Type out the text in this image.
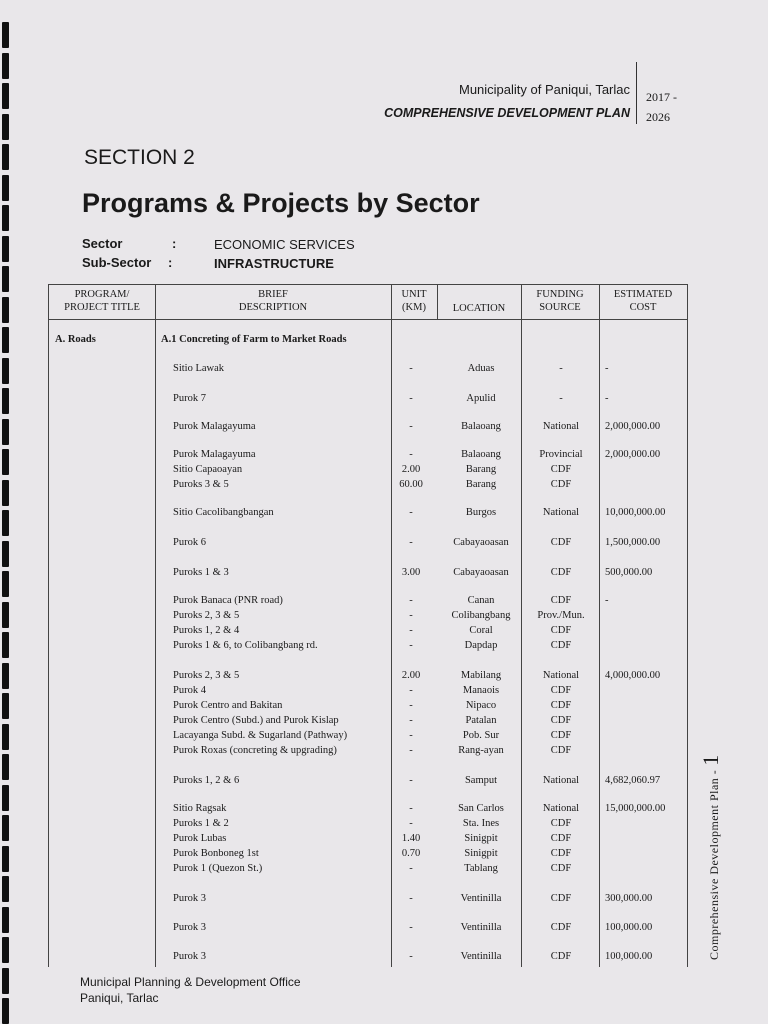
Municipality of Paniqui, Tarlac
COMPREHENSIVE DEVELOPMENT PLAN
2017 -
2026
SECTION 2
Programs & Projects by Sector
Sector	:	ECONOMIC SERVICES
Sub-Sector :	INFRASTRUCTURE
PROGRAM/
PROJECT TITLE
BRIEF
DESCRIPTION
UNIT
(KM)	LOCATION
FUNDING
SOURCE
ESTIMATED
COST
A. Roads	A.1 Concreting of Farm to Market Roads
Sitio Lawak	-	Aduas	-	-
Purok 7	-	Apulid	-	-
Purok Malagayuma	-	Balaoang	National	2,000,000.00
Purok Malagayuma	-	Balaoang	Provincial	2,000,000.00
Sitio Capaoayan	2.00	Barang	CDF
Puroks 3 & 5	60.00	Barang	CDF
Sitio Cacolibangbangan	-	Burgos	National	10,000,000.00
Purok 6	-	Cabayaoasan	CDF	1,500,000.00
Puroks 1 & 3	3.00	Cabayaoasan	CDF	500,000.00
Purok Banaca (PNR road)	-	Canan	CDF	-
Puroks 2, 3 & 5	-	Colibangbang	Prov./Mun.
Puroks 1, 2 & 4	-	Coral	CDF
Puroks 1 & 6, to Colibangbang rd.	-	Dapdap	CDF
Puroks 2, 3 & 5	2.00	Mabilang	National	4,000,000.00
Purok 4	-	Manaois	CDF
Purok Centro and Bakitan	-	Nipaco	CDF
Purok Centro (Subd.) and Purok Kislap	-	Patalan	CDF
Lacayanga Subd. & Sugarland (Pathway)	-	Pob. Sur	CDF
Purok Roxas (concreting & upgrading)	-	Rang-ayan	CDF
Puroks 1, 2 & 6	-	Samput	National	4,682,060.97
Sitio Ragsak	-	San Carlos	National	15,000,000.00
Puroks 1 & 2	-	Sta. Ines	CDF
Purok Lubas	1.40	Sinigpit	CDF
Purok Bonboneg 1st	0.70	Sinigpit	CDF
Purok 1 (Quezon St.)	-	Tablang	CDF
Purok 3	-	Ventinilla	CDF	300,000.00
Purok 3	-	Ventinilla	CDF	100,000.00
Purok 3	-	Ventinilla	CDF	100,000.00
Municipal Planning & Development Office
Paniqui, Tarlac
Comprehensive Development Plan -1
